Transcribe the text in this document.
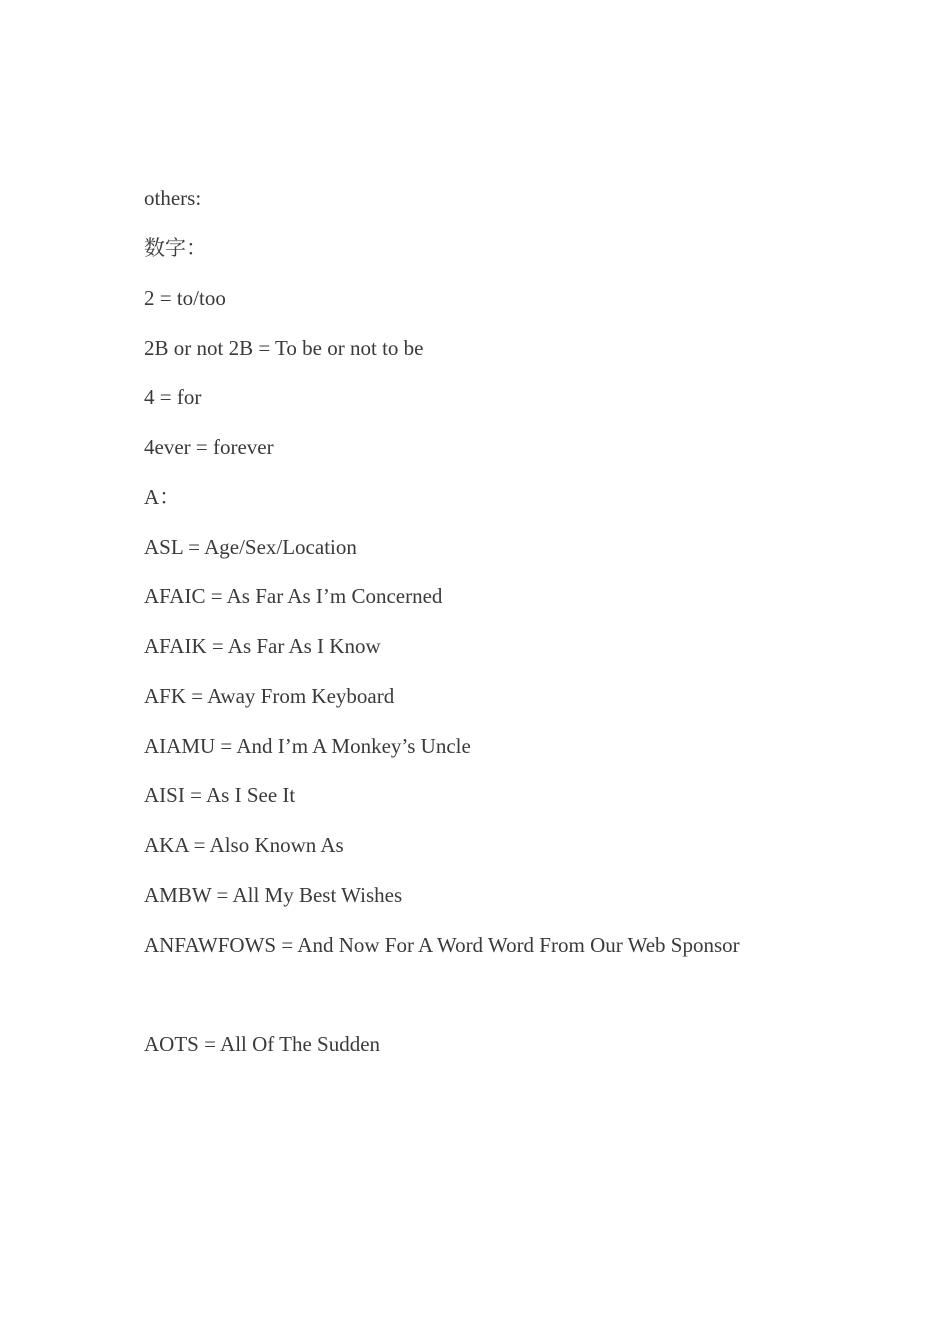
others:

数字：

2 = to/too

2B or not 2B = To be or not to be

4 = for

4ever = forever

A：

ASL = Age/Sex/Location

AFAIC = As Far As I’m Concerned

AFAIK = As Far As I Know

AFK = Away From Keyboard

AIAMU = And I’m A Monkey’s Uncle

AISI = As I See It

AKA = Also Known As

AMBW = All My Best Wishes

ANFAWFOWS = And Now For A Word Word From Our Web Sponsor

AOTS = All Of The Sudden
